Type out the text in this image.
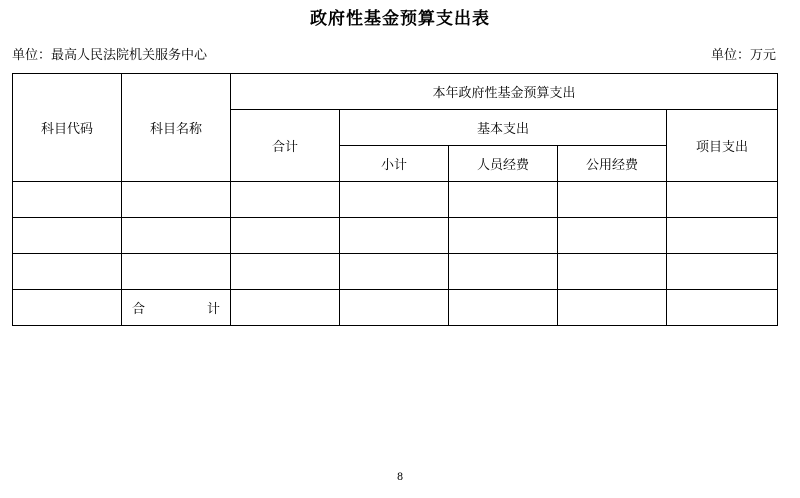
政府性基金预算支出表
单位：最高人民法院机关服务中心	单位：万元
科目代码	科目名称	本年政府性基金预算支出				
		合计	基本支出			项目支出
			小计	人员经费	公用经费	

	合 计					

8
